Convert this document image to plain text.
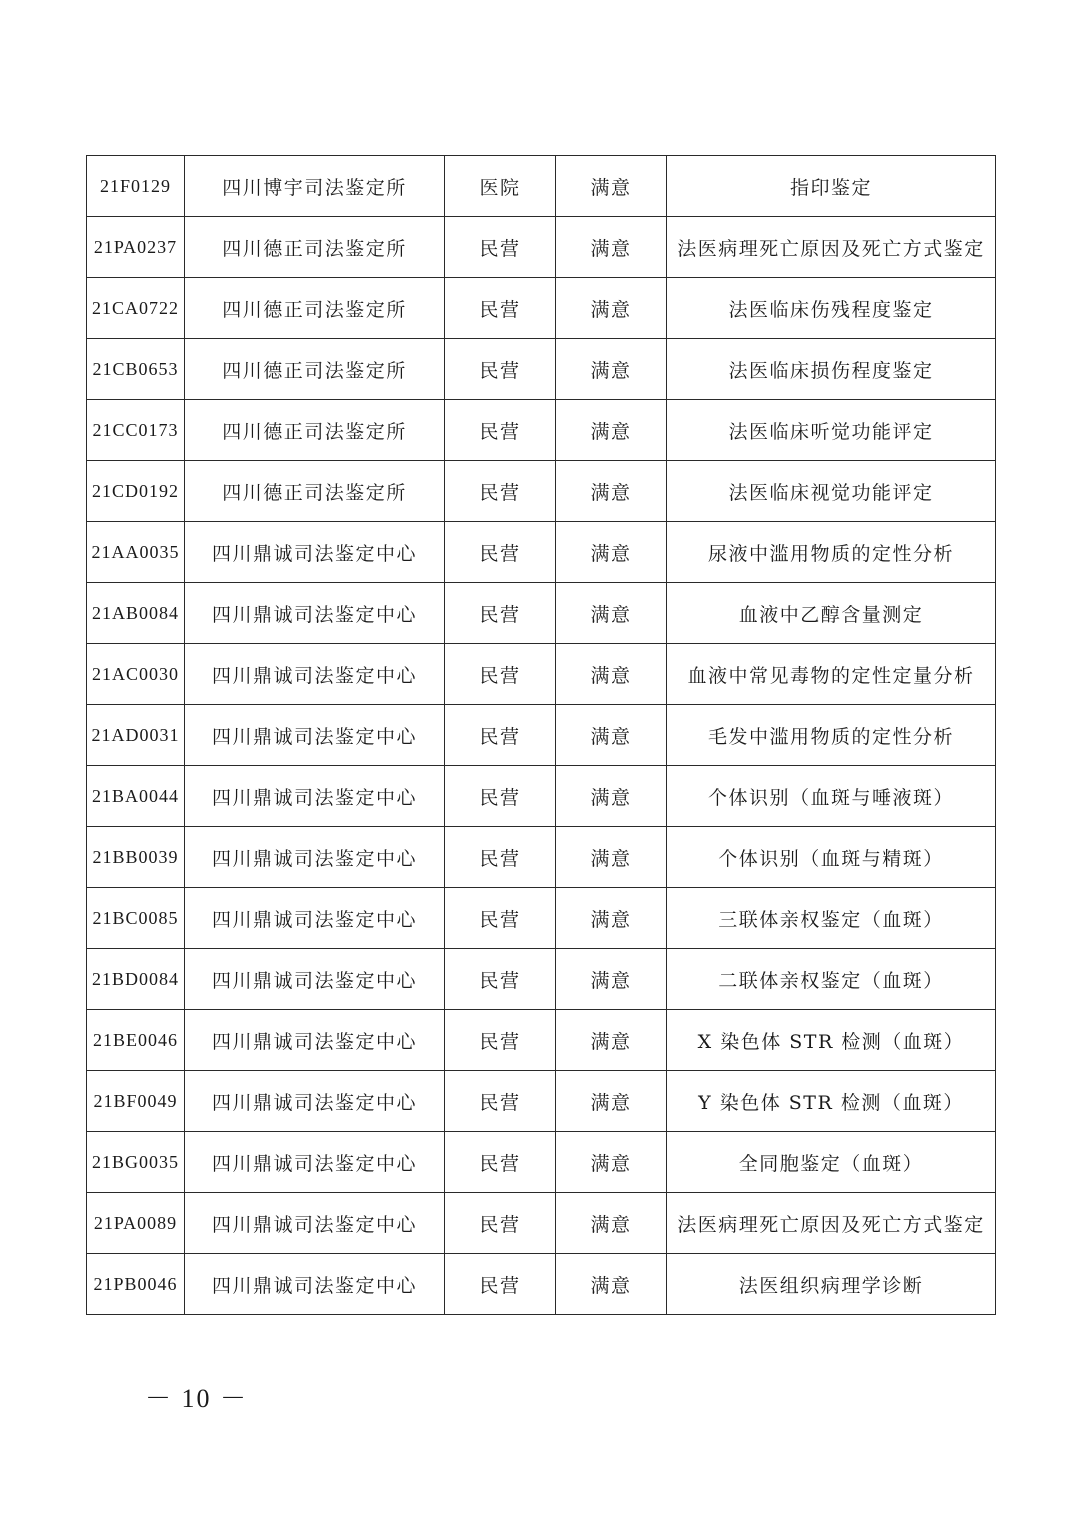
21F0129	四川博宇司法鉴定所	医院	满意	指印鉴定
21PA0237	四川德正司法鉴定所	民营	满意	法医病理死亡原因及死亡方式鉴定
21CA0722	四川德正司法鉴定所	民营	满意	法医临床伤残程度鉴定
21CB0653	四川德正司法鉴定所	民营	满意	法医临床损伤程度鉴定
21CC0173	四川德正司法鉴定所	民营	满意	法医临床听觉功能评定
21CD0192	四川德正司法鉴定所	民营	满意	法医临床视觉功能评定
21AA0035	四川鼎诚司法鉴定中心	民营	满意	尿液中滥用物质的定性分析
21AB0084	四川鼎诚司法鉴定中心	民营	满意	血液中乙醇含量测定
21AC0030	四川鼎诚司法鉴定中心	民营	满意	血液中常见毒物的定性定量分析
21AD0031	四川鼎诚司法鉴定中心	民营	满意	毛发中滥用物质的定性分析
21BA0044	四川鼎诚司法鉴定中心	民营	满意	个体识别（血斑与唾液斑）
21BB0039	四川鼎诚司法鉴定中心	民营	满意	个体识别（血斑与精斑）
21BC0085	四川鼎诚司法鉴定中心	民营	满意	三联体亲权鉴定（血斑）
21BD0084	四川鼎诚司法鉴定中心	民营	满意	二联体亲权鉴定（血斑）
21BE0046	四川鼎诚司法鉴定中心	民营	满意	X 染色体 STR 检测（血斑）
21BF0049	四川鼎诚司法鉴定中心	民营	满意	Y 染色体 STR 检测（血斑）
21BG0035	四川鼎诚司法鉴定中心	民营	满意	全同胞鉴定（血斑）
21PA0089	四川鼎诚司法鉴定中心	民营	满意	法医病理死亡原因及死亡方式鉴定
21PB0046	四川鼎诚司法鉴定中心	民营	满意	法医组织病理学诊断
－ 10 －
